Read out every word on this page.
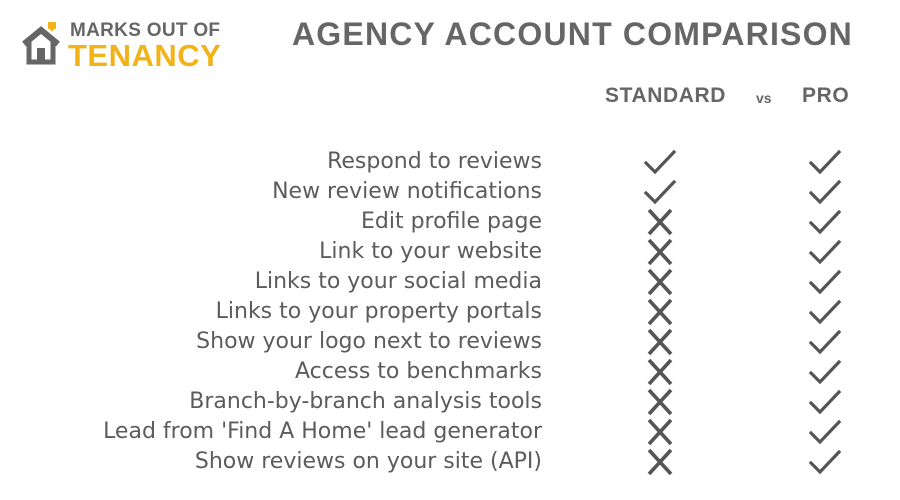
MARKS OUT OF
TENANCY
AGENCY ACCOUNT COMPARISON
STANDARD vs PRO
Respond to reviews
New review notifications
Edit profile page
Link to your website
Links to your social media
Links to your property portals
Show your logo next to reviews
Access to benchmarks
Branch-by-branch analysis tools
Lead from 'Find A Home' lead generator
Show reviews on your site (API)
